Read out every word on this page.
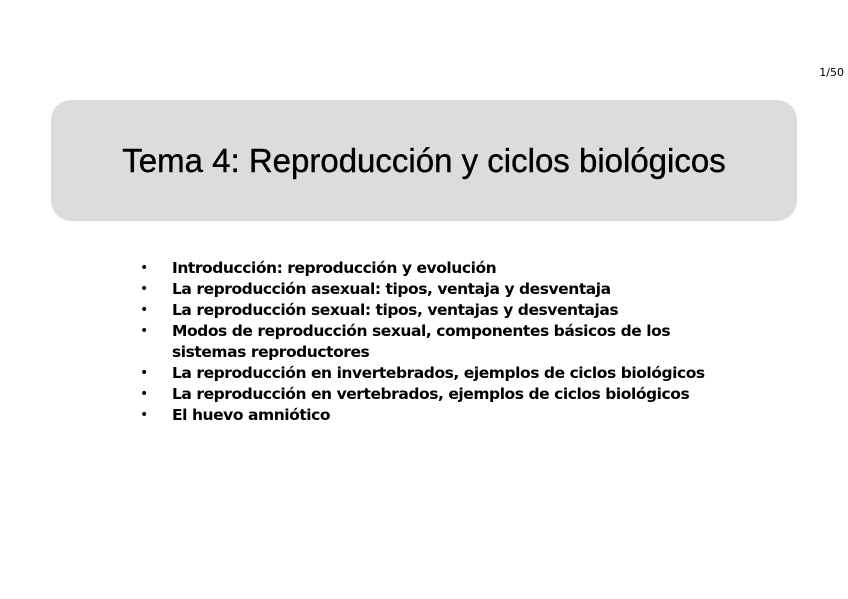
1/50
Tema 4: Reproducción y ciclos biológicos
• Introducción: reproducción y evolución
• La reproducción asexual: tipos, ventaja y desventaja
• La reproducción sexual: tipos, ventajas y desventajas
• Modos de reproducción sexual, componentes básicos de los sistemas reproductores
• La reproducción en invertebrados, ejemplos de ciclos biológicos
• La reproducción en vertebrados, ejemplos de ciclos biológicos
• El huevo amniótico
